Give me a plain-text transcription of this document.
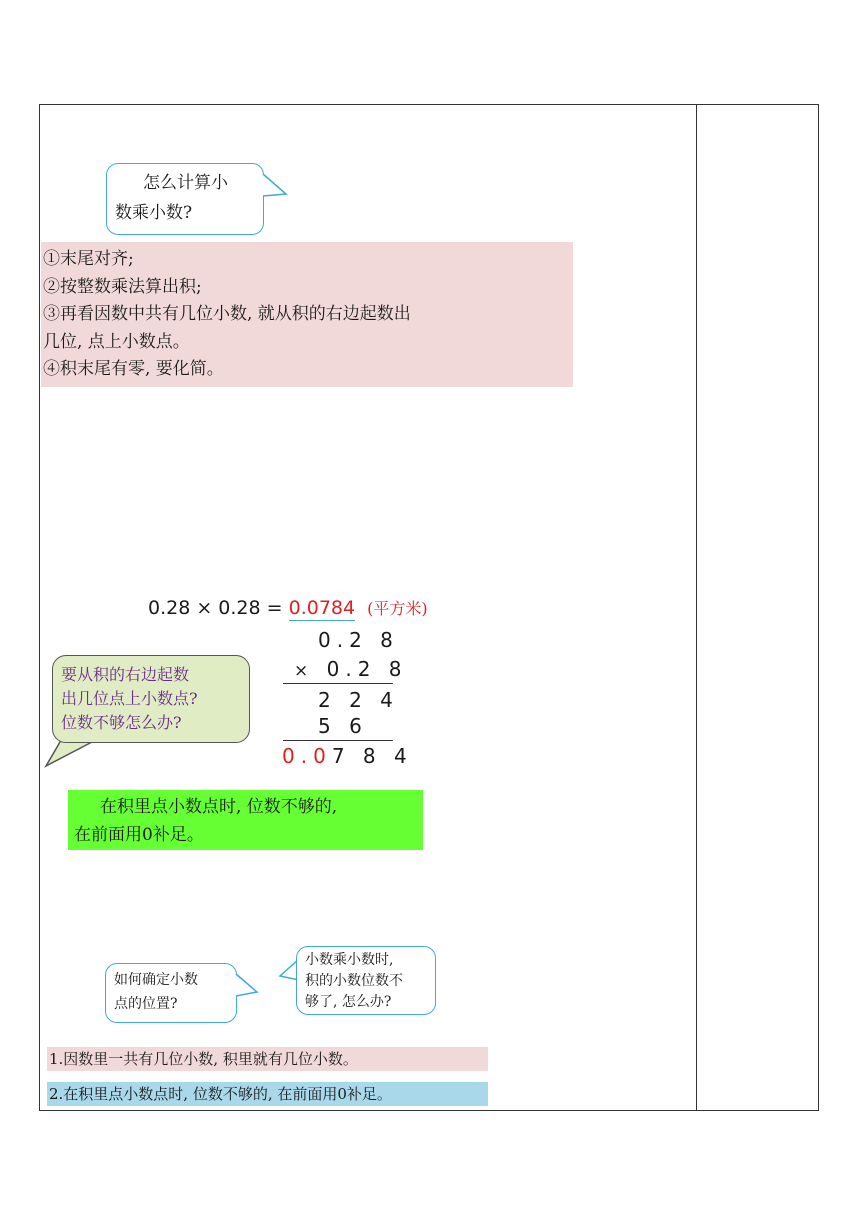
怎么计算小
数乘小数?
①末尾对齐;
②按整数乘法算出积;
③再看因数中共有几位小数, 就从积的右边起数出
几位, 点上小数点。
④积末尾有零, 要化简。
0.28 × 0.28 = 0.0784 (平方米)
0.2 8
× 0.2 8
2 2 4
5 6
0.07 8 4
要从积的右边起数
出几位点上小数点?
位数不够怎么办?
在积里点小数点时, 位数不够的,
在前面用0补足。
如何确定小数
点的位置?
小数乘小数时,
积的小数位数不
够了, 怎么办?
1.因数里一共有几位小数, 积里就有几位小数。
2.在积里点小数点时, 位数不够的, 在前面用0补足。
